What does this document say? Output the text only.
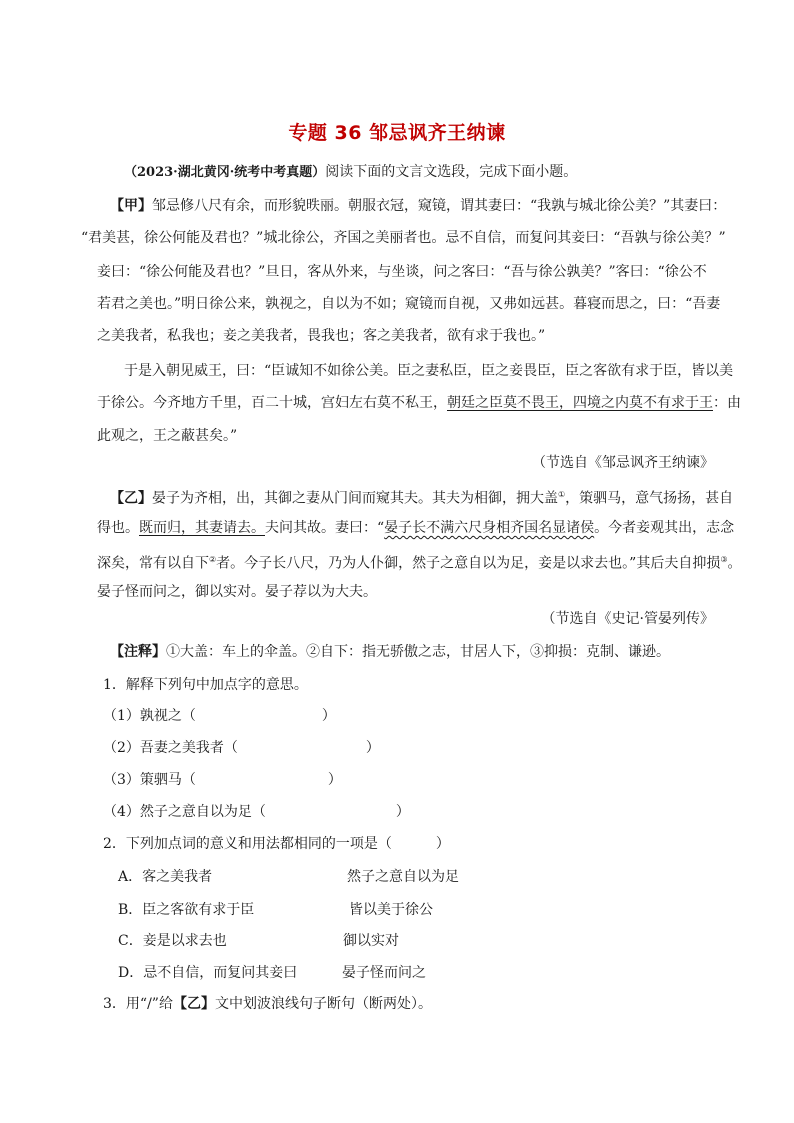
专题 36 邹忌讽齐王纳谏
（2023·湖北黄冈·统考中考真题）阅读下面的文言文选段，完成下面小题。
【甲】邹忌修八尺有余，而形貌昳丽。朝服衣冠，窥镜，谓其妻曰：“我孰与城北徐公美？”其妻曰：
“君美甚，徐公何能及君也？”城北徐公，齐国之美丽者也。忌不自信，而复问其妾曰：“吾孰与徐公美？”
妾曰：“徐公何能及君也？”旦日，客从外来，与坐谈，问之客曰：“吾与徐公孰美？”客曰：“徐公不
若君之美也。”明日徐公来，孰视之，自以为不如；窥镜而自视，又弗如远甚。暮寝而思之，曰：“吾妻
之美我者，私我也；妾之美我者，畏我也；客之美我者，欲有求于我也。”
于是入朝见威王，曰：“臣诚知不如徐公美。臣之妻私臣，臣之妾畏臣，臣之客欲有求于臣，皆以美
于徐公。今齐地方千里，百二十城，宫妇左右莫不私王，朝廷之臣莫不畏王，四境之内莫不有求于王：由
此观之，王之蔽甚矣。”
（节选自《邹忌讽齐王纳谏》
【乙】晏子为齐相，出，其御之妻从门间而窥其夫。其夫为相御，拥大盖①，策驷马，意气扬扬，甚自
得也。既而归，其妻请去。夫问其故。妻曰：“晏子长不满六尺身相齐国名显诸侯。今者妾观其出，志念
深矣，常有以自下②者。今子长八尺，乃为人仆御，然子之意自以为足，妾是以求去也。”其后夫自抑损③。
晏子怪而问之，御以实对。晏子荐以为大夫。
（节选自《史记·管晏列传》
【注释】①大盖：车上的伞盖。②自下：指无骄傲之志，甘居人下，③抑损：克制、谦逊。
1．解释下列句中加点字的意思。
（1）孰视之（	）
（2）吾妻之美我者（	）
（3）策驷马（	）
（4）然子之意自以为足（	）
2．下列加点词的意义和用法都相同的一项是（	）
A．客之美我者	然子之意自以为足
B．臣之客欲有求于臣	皆以美于徐公
C．妾是以求去也	御以实对
D．忌不自信，而复问其妾曰	晏子怪而问之
3．用“/”给【乙】文中划波浪线句子断句（断两处）。
